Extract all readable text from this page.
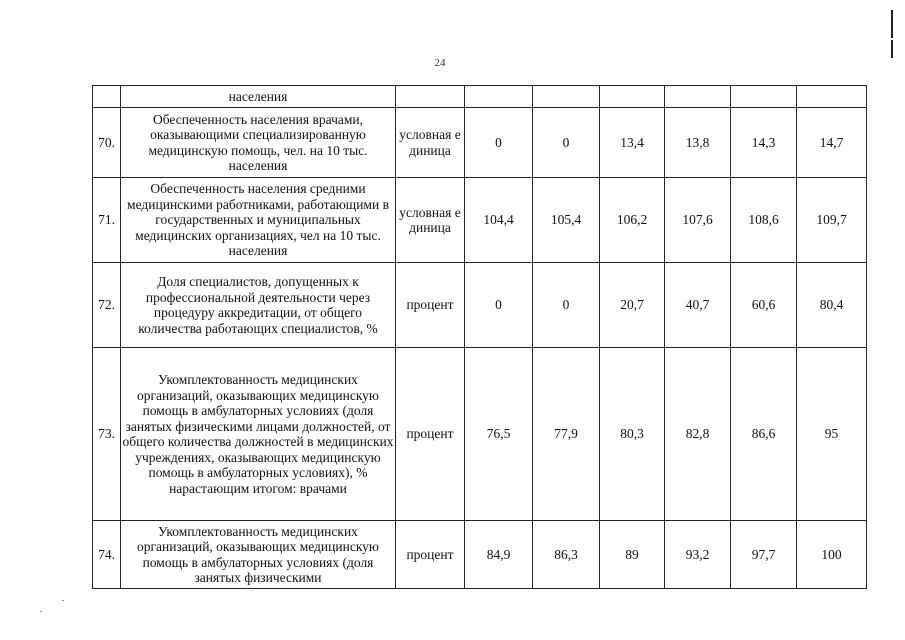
24
	населения							
70.	Обеспеченность населения врачами, оказывающими специализированную медицинскую помощь, чел. на 10 тыс. населения	условная единица	0	0	13,4	13,8	14,3	14,7
71.	Обеспеченность населения средними медицинскими работниками, работающими в государственных и муниципальных медицинских организациях, чел на 10 тыс. населения	условная единица	104,4	105,4	106,2	107,6	108,6	109,7
72.	Доля специалистов, допущенных к профессиональной деятельности через процедуру аккредитации, от общего количества работающих специалистов, %	процент	0	0	20,7	40,7	60,6	80,4
73.	Укомплектованность медицинских организаций, оказывающих медицинскую помощь в амбулаторных условиях (доля занятых физическими лицами должностей, от общего количества должностей в медицинских учреждениях, оказывающих медицинскую помощь в амбулаторных условиях), % нарастающим итогом: врачами	процент	76,5	77,9	80,3	82,8	86,6	95
74.	Укомплектованность медицинских организаций, оказывающих медицинскую помощь в амбулаторных условиях (доля занятых физическими	процент	84,9	86,3	89	93,2	97,7	100
